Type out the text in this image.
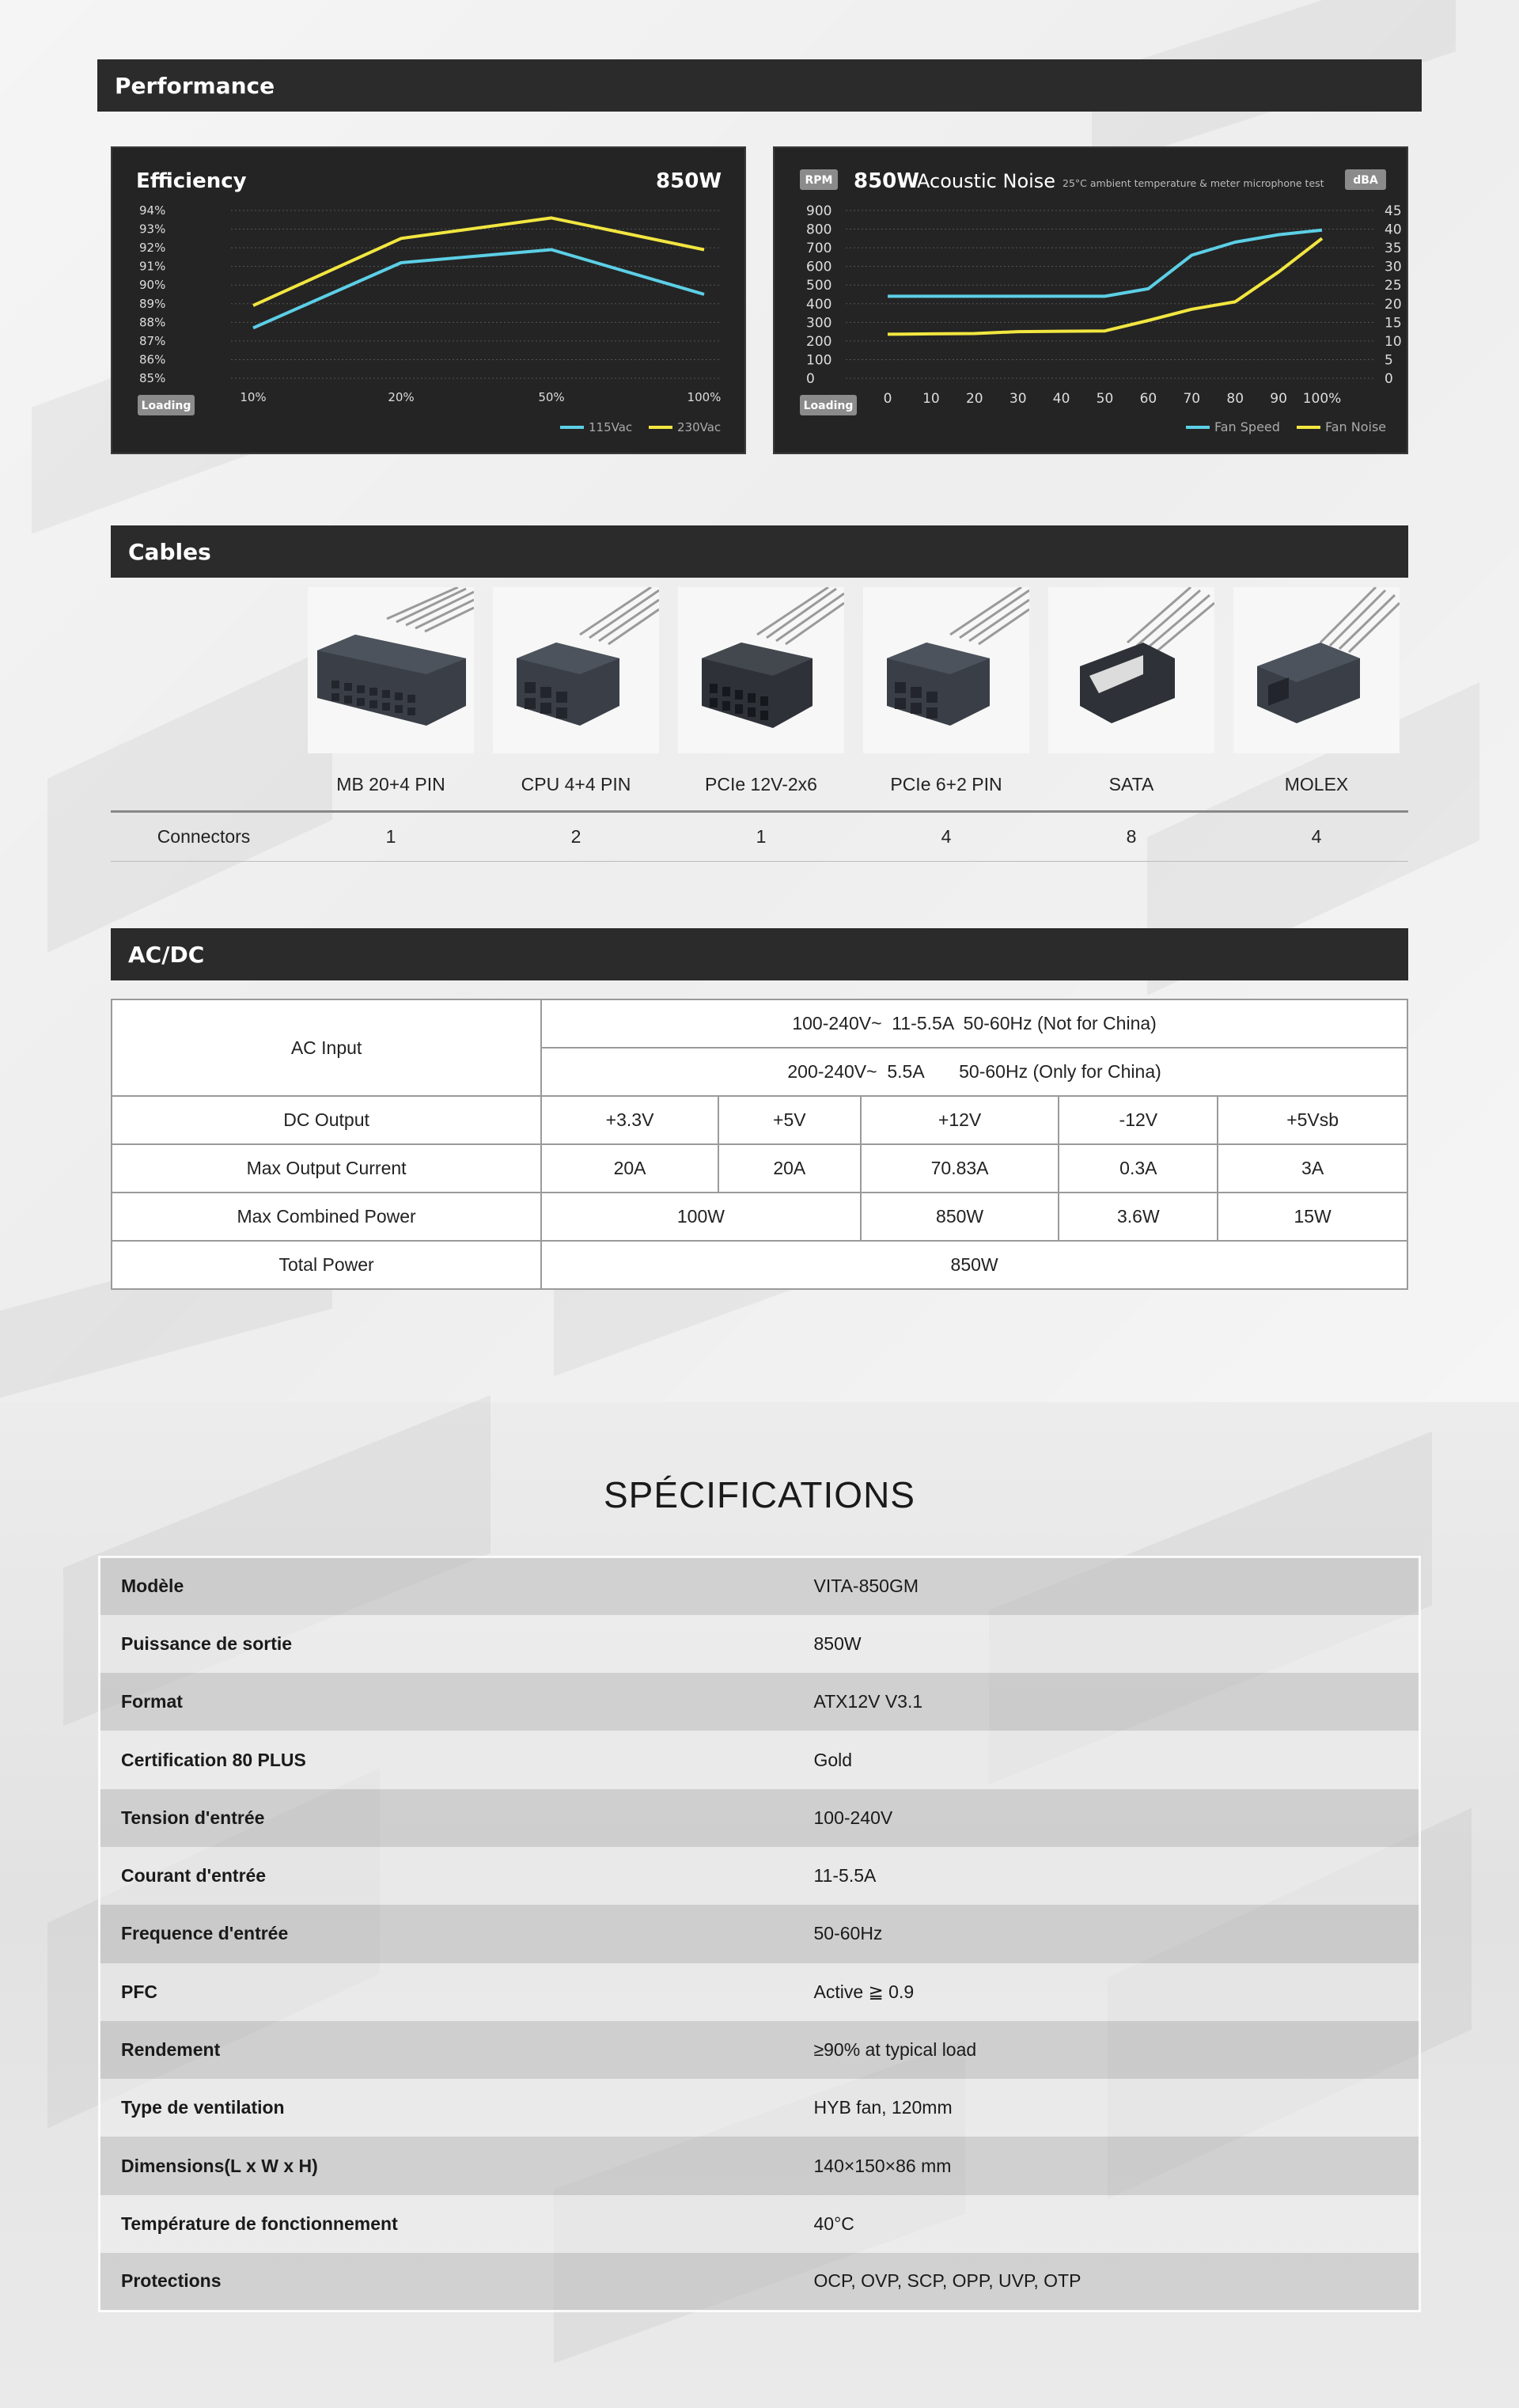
Performance
Efficiency	850W
94%
93%
92%
91%
90%
89%
88%
87%
86%
85%
10%	20%	50%	100%
Loading
115Vac	230Vac
RPM 850W
Acoustic Noise 25°C ambient temperature & meter microphone test	dBA
900
800
700
600
500
400
300
200
100
0
45
40
35
30
25
20
15
10
5
0
0 10 20 30 40 50 60 70 80 90 100%
Loading
Fan Speed	Fan Noise
Cables
MB 20+4 PIN	CPU 4+4 PIN	PCIe 12V-2x6	PCIe 6+2 PIN	SATA	MOLEX
Connectors	1	2	1	4	8	4
AC/DC
AC Input	100-240V~  11-5.5A  50-60Hz (Not for China)				
	200-240V~  5.5A       50-60Hz (Only for China)				
DC Output	+3.3V	+5V	+12V	-12V	+5Vsb
Max Output Current	20A	20A	70.83A	0.3A	3A
Max Combined Power	100W		850W	3.6W	15W
Total Power	850W				
SPÉCIFICATIONS
Modèle	VITA-850GM
Puissance de sortie	850W
Format	ATX12V V3.1
Certification 80 PLUS	Gold
Tension d'entrée	100-240V
Courant d'entrée	11-5.5A
Frequence d'entrée	50-60Hz
PFC	Active ≧ 0.9
Rendement	≥90% at typical load
Type de ventilation	HYB fan, 120mm
Dimensions(L x W x H)	140×150×86 mm
Température de fonctionnement	40°C
Protections	OCP, OVP, SCP, OPP, UVP, OTP
